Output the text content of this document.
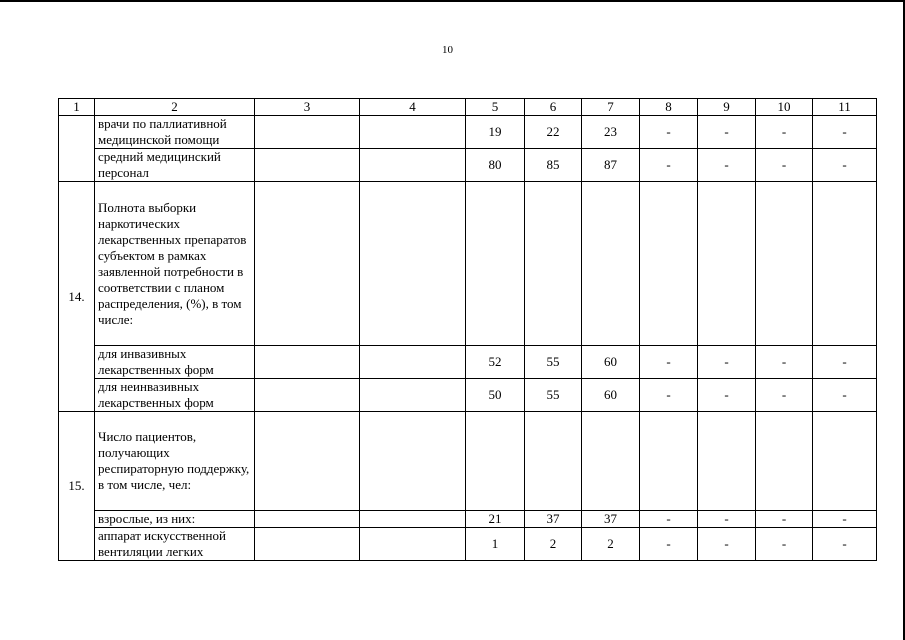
10
1	2	3	4	5	6	7	8	9	10	11
	врачи по паллиативной медицинской помощи			19	22	23	-	-	-	-
	средний медицинский персонал			80	85	87	-	-	-	-
14.	Полнота выборки наркотических лекарственных препаратов субъектом в рамках заявленной потребности в соответствии с планом распределения, (%), в том числе:									
	для инвазивных лекарственных форм			52	55	60	-	-	-	-
	для неинвазивных лекарственных форм			50	55	60	-	-	-	-
15.	Число пациентов, получающих респираторную поддержку, в том числе, чел:									
	взрослые, из них:			21	37	37	-	-	-	-
	аппарат искусственной вентиляции легких			1	2	2	-	-	-	-
